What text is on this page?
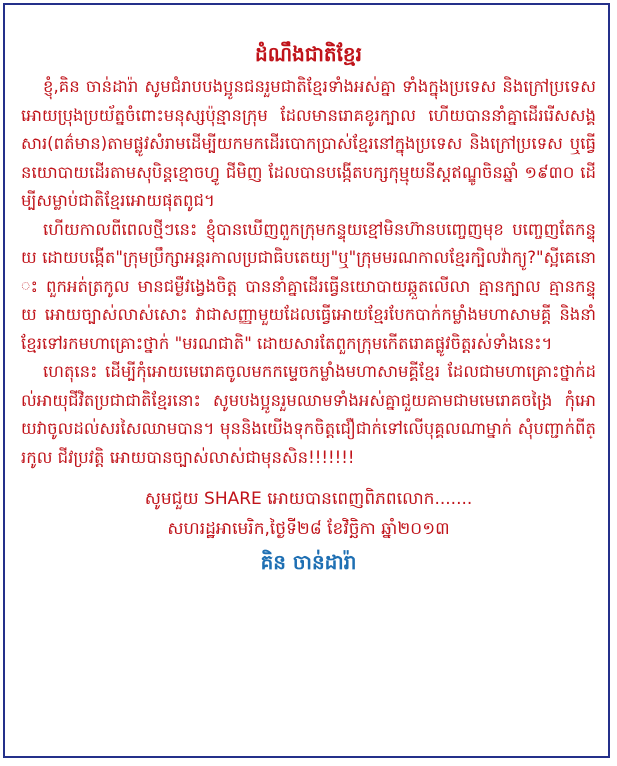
ដំណឹងជាតិខ្មែរ

ខ្ញុំ,គិន ចាន់ដារ៉ា សូមជំរាបបងប្អូនជនរួមជាតិខ្មែរទាំងអស់គ្នា ទាំងក្នុងប្រទេស និងក្រៅប្រទេស អោយប្រុងប្រយ័ត្នចំពោះមនុស្សប៉ុន្មានក្រុម ដែលមានរោគខូរក្បាល ហើយបាននាំគ្នាដើររើសសង្គសារ(ពត៌មាន)តាមផ្លូវសំរាមដើម្បីយកមកដើរបោកប្រាស់ខ្មែរនៅក្នុងប្រទេស និងក្រៅប្រទេស ឬធ្វើនយោបាយដើរតាមសុបិន្តខ្មោចហ្វូ ជីមិញ ដែលបានបង្កើតបក្សកុម្មុយនីស្តឥណ្ឌូចិនឆ្នាំ ១៩៣០ ដើម្បីសម្លាប់ជាតិខ្មែរអោយផុតពូជ។

ហើយកាលពីពេលថ្មីៗនេះ ខ្ញុំបានឃើញពួកក្រុមកន្ទុយខ្មៅមិនហ៊ានបញ្ចេញមុខ បញ្ចេញតែកន្ទុយ ដោយបង្កើត"ក្រុមប្រឹក្សាអន្តរកាលប្រជាធិបតេយ្យ"ឬ"ក្រុមមរណកាលខ្មែរក្បិលវ៉ាក្យូ?"ស្អីគេនោះ ពួកអត់ត្រកូល មានជម្ងឺវង្វេងចិត្ត បាននាំគ្នាដើរធ្វើនយោបាយឆ្កួតលើលា គ្មានក្បាល គ្មានកន្ទុយ អោយច្បាស់លាស់សោះ វាជាសញ្ញាមួយដែលធ្វើអោយខ្មែរបែកបាក់កម្លាំងមហាសាមគ្គី និងនាំខ្មែរទៅរកមហាគ្រោះថ្នាក់ "មរណជាតិ" ដោយសារតែពួកក្រុមកើតរោគផ្លូវចិត្តរស់ទាំងនេះ។

ហេតុនេះ ដើម្បីកុំអោយមេរោគចូលមកកម្ទេចកម្លាំងមហាសាមគ្គីខ្មែរ ដែលជាមហាគ្រោះថ្នាក់ដល់អាយុជីវិតប្រជាជាតិខ្មែរនោះ សូមបងប្អូនរួមឈាមទាំងអស់គ្នាជួយគាមជាមមេរោគចង្រៃ កុំអោយវាចូលដល់សរសៃឈាមបាន។ មុននិងយើងទុកចិត្តជឿជាក់ទៅលើបុគ្គលណាម្នាក់ សុំបញ្ជាក់ពីត្រកូល ជីវប្រវត្តិ អោយបានច្បាស់លាស់ជាមុនសិន!!!!!!!

សូមជួយ SHARE អោយបានពេញពិភពលោក.......

សហរដ្ឋអាមេរិក,ថ្ងៃទី២៨ ខែវិច្ឆិកា ឆ្នាំ២០១៣

គិន ចាន់ដារ៉ា
